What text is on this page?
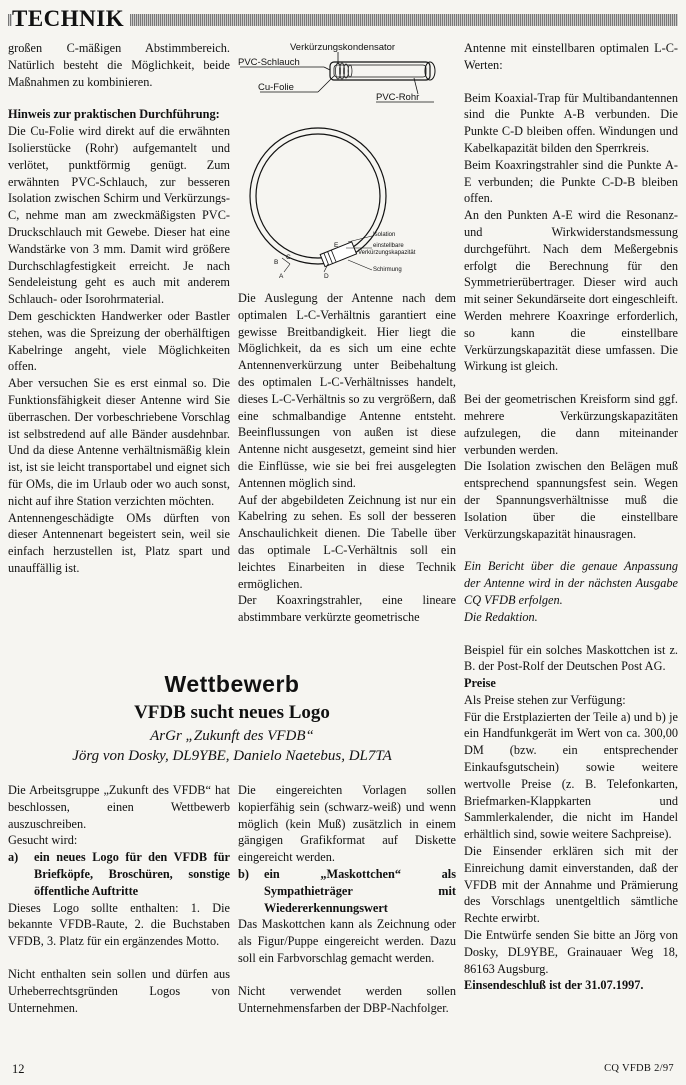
TECHNIK

großen C-mäßigen Abstimmbereich. Natürlich besteht die Möglichkeit, beide Maßnahmen zu kombinieren.

Hinweis zur praktischen Durchführung:

Die Cu-Folie wird direkt auf die erwähnten Isolierstücke (Rohr) aufgemantelt und verlötet, punktförmig genügt. Zum erwähnten PVC-Schlauch, zur besseren Isolation zwischen Schirm und Verkürzungs-C, nehme man am zweckmäßigsten PVC-Druckschlauch mit Gewebe. Dieser hat eine Wandstärke von 3 mm. Damit wird größere Durchschlagfestigkeit erreicht. Je nach Sendeleistung geht es auch mit anderem Schlauch- oder Isorohrmaterial.

Dem geschickten Handwerker oder Bastler stehen, was die Spreizung der oberhälftigen Kabelringe angeht, viele Möglichkeiten offen.

Aber versuchen Sie es erst einmal so. Die Funktionsfähigkeit dieser Antenne wird Sie überraschen. Der vorbeschriebene Vorschlag ist selbstredend auf alle Bänder ausdehnbar. Und da diese Antenne verhältnismäßig klein ist, ist sie leicht transportabel und eignet sich für OMs, die im Urlaub oder wo auch sonst, nicht auf ihre Station verzichten möchten.

Antennengeschädigte OMs dürften von dieser Antennenart begeistert sein, weil sie einfach herzustellen ist, Platz spart und unauffällig ist.

Verkürzungskondensator
PVC-Schlauch
Cu-Folie
PVC-Rohr
Isolation
einstellbare
Verkürzungskapazität
Schirmung
C
B
E
A	D

Die Auslegung der Antenne nach dem optimalen L-C-Verhältnis garantiert eine gewisse Breitbandigkeit. Hier liegt die Möglichkeit, da es sich um eine echte Antennenverkürzung unter Beibehaltung des optimalen L-C-Verhältnisses handelt, dieses L-C-Verhältnis so zu vergrößern, daß eine schmalbandige Antenne entsteht. Beeinflussungen von außen ist diese Antenne nicht ausgesetzt, gemeint sind hier die Einflüsse, wie sie bei frei ausgelegten Antennen möglich sind.

Auf der abgebildeten Zeichnung ist nur ein Kabelring zu sehen. Es soll der besseren Anschaulichkeit dienen. Die Tabelle über das optimale L-C-Verhältnis soll ein leichtes Einarbeiten in diese Technik ermöglichen.

Der Koaxringstrahler, eine lineare abstimmbare verkürzte geometrische

Antenne mit einstellbaren optimalen L-C-Werten:

Beim Koaxial-Trap für Multibandantennen sind die Punkte A-B verbunden. Die Punkte C-D bleiben offen. Windungen und Kabelkapazität bilden den Sperrkreis.

Beim Koaxringstrahler sind die Punkte A-E verbunden; die Punkte C-D-B bleiben offen.

An den Punkten A-E wird die Resonanz- und Wirkwiderstandsmessung durchgeführt. Nach dem Meßergebnis erfolgt die Berechnung für den Symmetrierübertrager. Dieser wird auch mit seiner Sekundärseite dort eingeschleift. Werden mehrere Koaxringe erforderlich, so kann die einstellbare Verkürzungskapazität diese umfassen. Die Wirkung ist gleich.

Bei der geometrischen Kreisform sind ggf. mehrere Verkürzungskapazitäten aufzulegen, die dann miteinander verbunden werden.

Die Isolation zwischen den Belägen muß entsprechend spannungsfest sein. Wegen der Spannungsverhältnisse muß die Isolation über die einstellbare Verkürzungskapazität hinausragen.

Ein Bericht über die genaue Anpassung der Antenne wird in der nächsten Ausgabe CQ VFDB erfolgen.

Die Redaktion.

Beispiel für ein solches Maskottchen ist z. B. der Post-Rolf der Deutschen Post AG.

Preise

Als Preise stehen zur Verfügung:

Für die Erstplazierten der Teile a) und b) je ein Handfunkgerät im Wert von ca. 300,00 DM (bzw. ein entsprechender Einkaufsgutschein) sowie weitere wertvolle Preise (z. B. Telefonkarten, Briefmarken-Klappkarten und Sammlerkalender, die nicht im Handel erhältlich sind, sowie weitere Sachpreise).

Die Einsender erklären sich mit der Einreichung damit einverstanden, daß der VFDB mit der Annahme und Prämierung des Vorschlags unentgeltlich sämtliche Rechte erwirbt.

Die Entwürfe senden Sie bitte an Jörg von Dosky, DL9YBE, Grainauaer Weg 18, 86163 Augsburg.

Einsendeschluß ist der 31.07.1997.

Wettbewerb
VFDB sucht neues Logo
ArGr „Zukunft des VFDB“
Jörg von Dosky, DL9YBE, Danielo Naetebus, DL7TA

Die Arbeitsgruppe „Zukunft des VFDB“ hat beschlossen, einen Wettbewerb auszuschreiben.

Gesucht wird:

a)	ein neues Logo für den VFDB für Briefköpfe, Broschüren, sonstige öffentliche Auftritte

Dieses Logo sollte enthalten: 1. Die bekannte VFDB-Raute, 2. die Buchstaben VFDB, 3. Platz für ein ergänzendes Motto.

Nicht enthalten sein sollen und dürfen aus Urheberrechtsgründen Logos von Unternehmen.

Die eingereichten Vorlagen sollen kopierfähig sein (schwarz-weiß) und wenn möglich (kein Muß) zusätzlich in einem gängigen Grafikformat auf Diskette eingereicht werden.

b)	ein „Maskottchen“ als Sympathieträger mit Wiedererkennungswert

Das Maskottchen kann als Zeichnung oder als Figur/Puppe eingereicht werden. Dazu soll ein Farbvorschlag gemacht werden.

Nicht verwendet werden sollen Unternehmensfarben der DBP-Nachfolger.

12	CQ VFDB 2/97
